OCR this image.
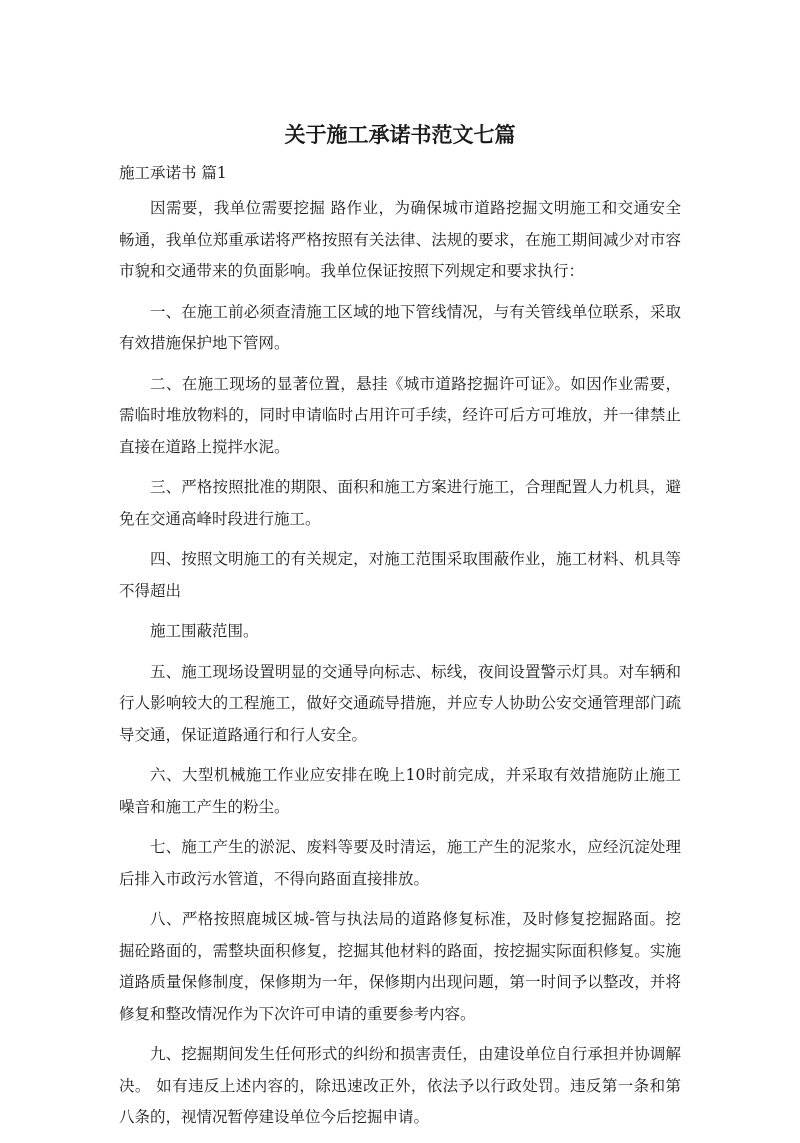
关于施工承诺书范文七篇
施工承诺书 篇1

因需要，我单位需要挖掘 路作业，为确保城市道路挖掘文明施工和交通安全畅通，我单位郑重承诺将严格按照有关法律、法规的要求，在施工期间减少对市容市貌和交通带来的负面影响。我单位保证按照下列规定和要求执行：

一、在施工前必须查清施工区域的地下管线情况，与有关管线单位联系，采取有效措施保护地下管网。

二、在施工现场的显著位置，悬挂《城市道路挖掘许可证》。如因作业需要，需临时堆放物料的，同时申请临时占用许可手续，经许可后方可堆放，并一律禁止直接在道路上搅拌水泥。

三、严格按照批准的期限、面积和施工方案进行施工，合理配置人力机具，避免在交通高峰时段进行施工。

四、按照文明施工的有关规定，对施工范围采取围蔽作业，施工材料、机具等不得超出

施工围蔽范围。

五、施工现场设置明显的交通导向标志、标线，夜间设置警示灯具。对车辆和行人影响较大的工程施工，做好交通疏导措施，并应专人协助公安交通管理部门疏导交通，保证道路通行和行人安全。

六、大型机械施工作业应安排在晚上10时前完成，并采取有效措施防止施工噪音和施工产生的粉尘。

七、施工产生的淤泥、废料等要及时清运，施工产生的泥浆水，应经沉淀处理后排入市政污水管道，不得向路面直接排放。

八、严格按照鹿城区城-管与执法局的道路修复标准，及时修复挖掘路面。挖掘砼路面的，需整块面积修复，挖掘其他材料的路面，按挖掘实际面积修复。实施道路质量保修制度，保修期为一年，保修期内出现问题，第一时间予以整改，并将修复和整改情况作为下次许可申请的重要参考内容。

九、挖掘期间发生任何形式的纠纷和损害责任，由建设单位自行承担并协调解决。 如有违反上述内容的，除迅速改正外，依法予以行政处罚。违反第一条和第八条的，视情况暂停建设单位今后挖掘申请。
